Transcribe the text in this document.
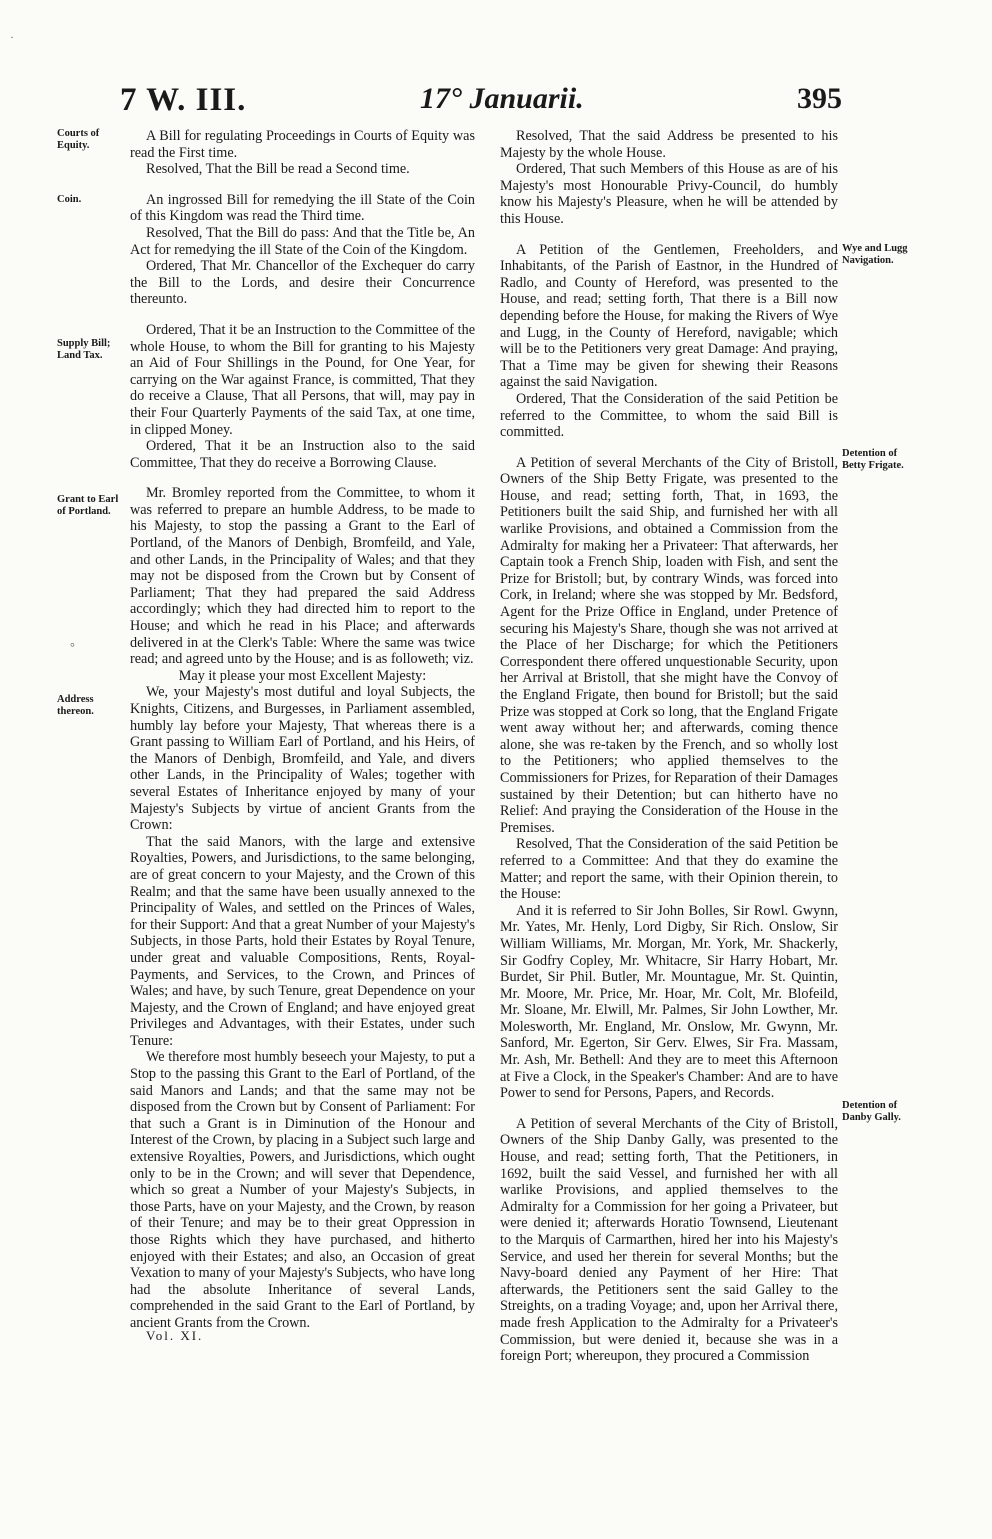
7 W. III.	17° Januarii.	395
Courts of Equity.
Coin.
Supply Bill; Land Tax.
Grant to Earl of Portland.
Address thereon.
Wye and Lugg Navigation.
Detention of Betty Frigate.
Detention of Danby Gally.

A Bill for regulating Proceedings in Courts of Equity was read the First time.

Resolved, That the Bill be read a Second time.

An ingrossed Bill for remedying the ill State of the Coin of this Kingdom was read the Third time.

Resolved, That the Bill do pass: And that the Title be, An Act for remedying the ill State of the Coin of the Kingdom.

Ordered, That Mr. Chancellor of the Exchequer do carry the Bill to the Lords, and desire their Concurrence thereunto.

Ordered, That it be an Instruction to the Committee of the whole House, to whom the Bill for granting to his Majesty an Aid of Four Shillings in the Pound, for One Year, for carrying on the War against France, is committed, That they do receive a Clause, That all Persons, that will, may pay in their Four Quarterly Payments of the said Tax, at one time, in clipped Money.

Ordered, That it be an Instruction also to the said Committee, That they do receive a Borrowing Clause.

Mr. Bromley reported from the Committee, to whom it was referred to prepare an humble Address, to be made to his Majesty, to stop the passing a Grant to the Earl of Portland, of the Manors of Denbigh, Bromfeild, and Yale, and other Lands, in the Principality of Wales; and that they may not be disposed from the Crown but by Consent of Parliament; That they had prepared the said Address accordingly; which they had directed him to report to the House; and which he read in his Place; and afterwards delivered in at the Clerk's Table: Where the same was twice read; and agreed unto by the House; and is as followeth; viz.

May it please your most Excellent Majesty:

We, your Majesty's most dutiful and loyal Subjects, the Knights, Citizens, and Burgesses, in Parliament assembled, humbly lay before your Majesty, That whereas there is a Grant passing to William Earl of Portland, and his Heirs, of the Manors of Denbigh, Bromfeild, and Yale, and divers other Lands, in the Principality of Wales; together with several Estates of Inheritance enjoyed by many of your Majesty's Subjects by virtue of ancient Grants from the Crown:

That the said Manors, with the large and extensive Royalties, Powers, and Jurisdictions, to the same belonging, are of great concern to your Majesty, and the Crown of this Realm; and that the same have been usually annexed to the Principality of Wales, and settled on the Princes of Wales, for their Support: And that a great Number of your Majesty's Subjects, in those Parts, hold their Estates by Royal Tenure, under great and valuable Compositions, Rents, Royal-Payments, and Services, to the Crown, and Princes of Wales; and have, by such Tenure, great Dependence on your Majesty, and the Crown of England; and have enjoyed great Privileges and Advantages, with their Estates, under such Tenure:

We therefore most humbly beseech your Majesty, to put a Stop to the passing this Grant to the Earl of Portland, of the said Manors and Lands; and that the same may not be disposed from the Crown but by Consent of Parliament: For that such a Grant is in Diminution of the Honour and Interest of the Crown, by placing in a Subject such large and extensive Royalties, Powers, and Jurisdictions, which ought only to be in the Crown; and will sever that Dependence, which so great a Number of your Majesty's Subjects, in those Parts, have on your Majesty, and the Crown, by reason of their Tenure; and may be to their great Oppression in those Rights which they have purchased, and hitherto enjoyed with their Estates; and also, an Occasion of great Vexation to many of your Majesty's Subjects, who have long had the absolute Inheritance of several Lands, comprehended in the said Grant to the Earl of Portland, by ancient Grants from the Crown.

Resolved, That the said Address be presented to his Majesty by the whole House.

Ordered, That such Members of this House as are of his Majesty's most Honourable Privy-Council, do humbly know his Majesty's Pleasure, when he will be attended by this House.

A Petition of the Gentlemen, Freeholders, and Inhabitants, of the Parish of Eastnor, in the Hundred of Radlo, and County of Hereford, was presented to the House, and read; setting forth, That there is a Bill now depending before the House, for making the Rivers of Wye and Lugg, in the County of Hereford, navigable; which will be to the Petitioners very great Damage: And praying, That a Time may be given for shewing their Reasons against the said Navigation.

Ordered, That the Consideration of the said Petition be referred to the Committee, to whom the said Bill is committed.

A Petition of several Merchants of the City of Bristoll, Owners of the Ship Betty Frigate, was presented to the House, and read; setting forth, That, in 1693, the Petitioners built the said Ship, and furnished her with all warlike Provisions, and obtained a Commission from the Admiralty for making her a Privateer: That afterwards, her Captain took a French Ship, loaden with Fish, and sent the Prize for Bristoll; but, by contrary Winds, was forced into Cork, in Ireland; where she was stopped by Mr. Bedsford, Agent for the Prize Office in England, under Pretence of securing his Majesty's Share, though she was not arrived at the Place of her Discharge; for which the Petitioners Correspondent there offered unquestionable Security, upon her Arrival at Bristoll, that she might have the Convoy of the England Frigate, then bound for Bristoll; but the said Prize was stopped at Cork so long, that the England Frigate went away without her; and afterwards, coming thence alone, she was re-taken by the French, and so wholly lost to the Petitioners; who applied themselves to the Commissioners for Prizes, for Reparation of their Damages sustained by their Detention; but can hitherto have no Relief: And praying the Consideration of the House in the Premises.

Resolved, That the Consideration of the said Petition be referred to a Committee: And that they do examine the Matter; and report the same, with their Opinion therein, to the House:

And it is referred to Sir John Bolles, Sir Rowl. Gwynn, Mr. Yates, Mr. Henly, Lord Digby, Sir Rich. Onslow, Sir William Williams, Mr. Morgan, Mr. York, Mr. Shackerly, Sir Godfry Copley, Mr. Whitacre, Sir Harry Hobart, Mr. Burdet, Sir Phil. Butler, Mr. Mountague, Mr. St. Quintin, Mr. Moore, Mr. Price, Mr. Hoar, Mr. Colt, Mr. Blofeild, Mr. Sloane, Mr. Elwill, Mr. Palmes, Sir John Lowther, Mr. Molesworth, Mr. England, Mr. Onslow, Mr. Gwynn, Mr. Sanford, Mr. Egerton, Sir Gerv. Elwes, Sir Fra. Massam, Mr. Ash, Mr. Bethell: And they are to meet this Afternoon at Five a Clock, in the Speaker's Chamber: And are to have Power to send for Persons, Papers, and Records.

A Petition of several Merchants of the City of Bristoll, Owners of the Ship Danby Gally, was presented to the House, and read; setting forth, That the Petitioners, in 1692, built the said Vessel, and furnished her with all warlike Provisions, and applied themselves to the Admiralty for a Commission for her going a Privateer, but were denied it; afterwards Horatio Townsend, Lieutenant to the Marquis of Carmarthen, hired her into his Majesty's Service, and used her therein for several Months; but the Navy-board denied any Payment of her Hire: That afterwards, the Petitioners sent the said Galley to the Streights, on a trading Voyage; and, upon her Arrival there, made fresh Application to the Admiralty for a Privateer's Commission, but were denied it, because she was in a foreign Port; whereupon, they procured a Commission

Vol. XI.
·
°
